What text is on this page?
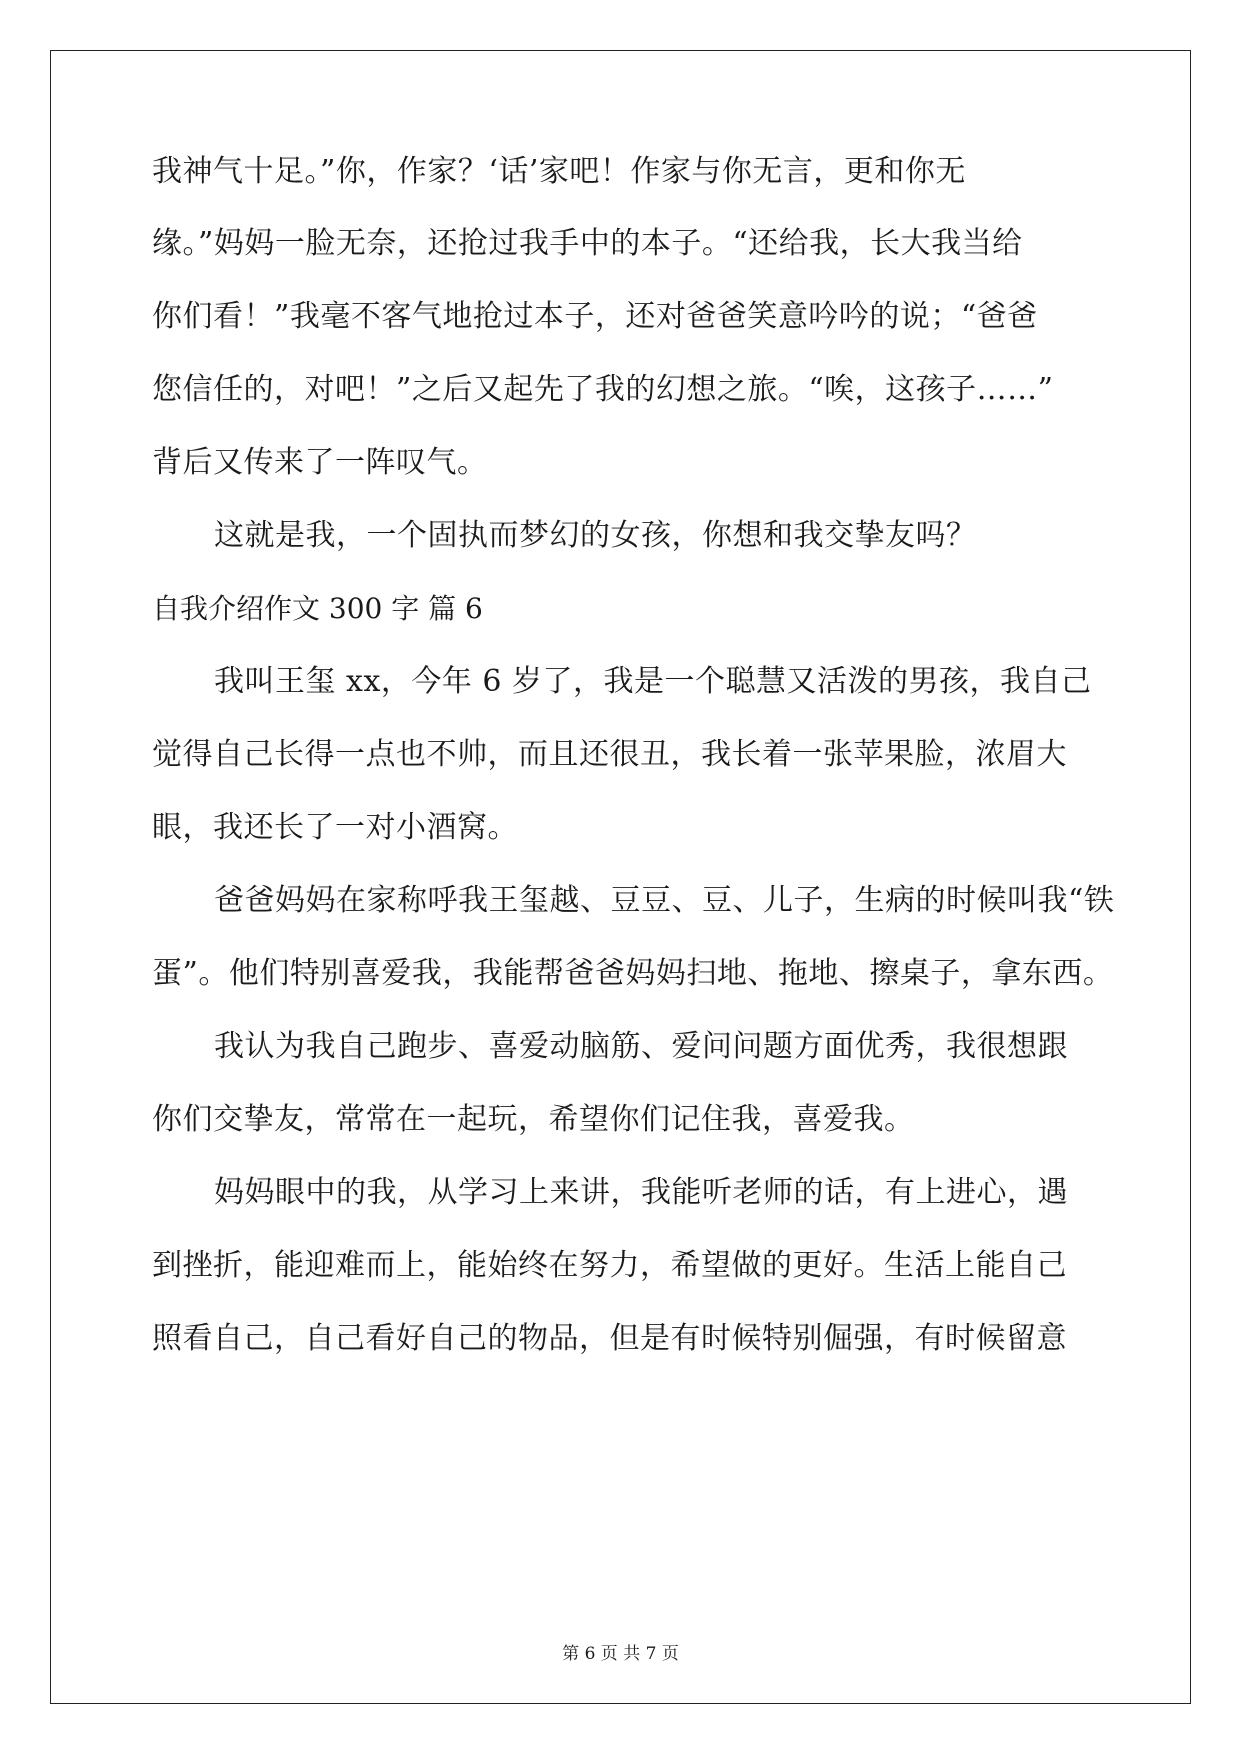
我神气十足。”你，作家？‘话’家吧！作家与你无言，更和你无
缘。”妈妈一脸无奈，还抢过我手中的本子。“还给我，长大我当给
你们看！”我毫不客气地抢过本子，还对爸爸笑意吟吟的说；“爸爸
您信任的，对吧！”之后又起先了我的幻想之旅。“唉，这孩子……”
背后又传来了一阵叹气。
这就是我，一个固执而梦幻的女孩，你想和我交挚友吗？
自我介绍作文 300 字 篇 6
我叫王玺 xx，今年 6 岁了，我是一个聪慧又活泼的男孩，我自己
觉得自己长得一点也不帅，而且还很丑，我长着一张苹果脸，浓眉大
眼，我还长了一对小酒窝。
爸爸妈妈在家称呼我王玺越、豆豆、豆、儿子，生病的时候叫我“铁
蛋”。他们特别喜爱我，我能帮爸爸妈妈扫地、拖地、擦桌子，拿东西。
我认为我自己跑步、喜爱动脑筋、爱问问题方面优秀，我很想跟
你们交挚友，常常在一起玩，希望你们记住我，喜爱我。
妈妈眼中的我，从学习上来讲，我能听老师的话，有上进心，遇
到挫折，能迎难而上，能始终在努力，希望做的更好。生活上能自己
照看自己，自己看好自己的物品，但是有时候特别倔强，有时候留意
第 6 页 共 7 页
